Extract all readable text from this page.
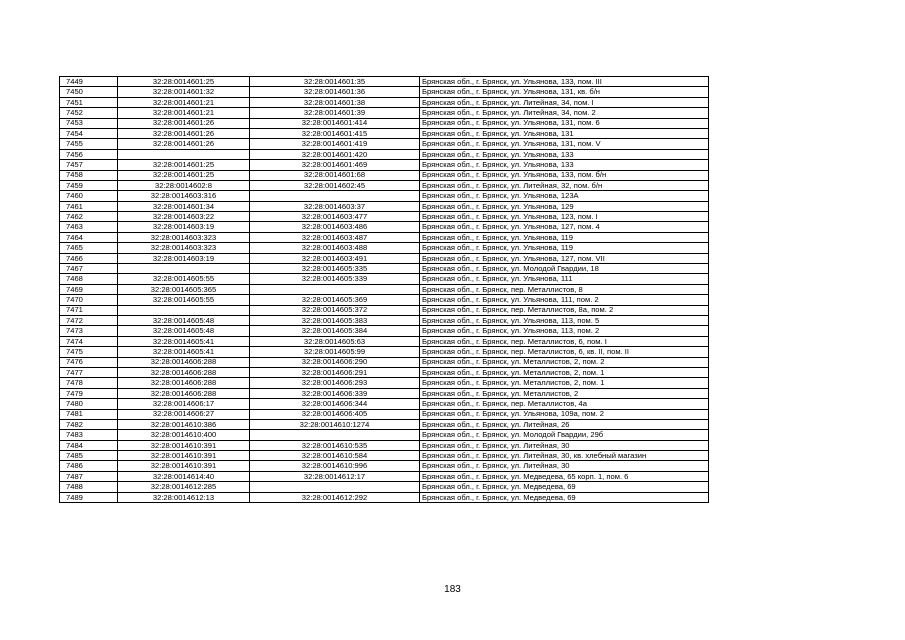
7449	32:28:0014601:25	32:28:0014601:35	Брянская обл., г. Брянск, ул. Ульянова, 133, пом. III
7450	32:28:0014601:32	32:28:0014601:36	Брянская обл., г. Брянск, ул. Ульянова, 131, кв. б/н
7451	32:28:0014601:21	32:28:0014601:38	Брянская обл., г. Брянск, ул. Литейная, 34, пом. I
7452	32:28:0014601:21	32:28:0014601:39	Брянская обл., г. Брянск, ул. Литейная, 34, пом. 2
7453	32:28:0014601:26	32:28:0014601:414	Брянская обл., г. Брянск, ул. Ульянова, 131, пом. 6
7454	32:28:0014601:26	32:28:0014601:415	Брянская обл., г. Брянск, ул. Ульянова, 131
7455	32:28:0014601:26	32:28:0014601:419	Брянская обл., г. Брянск, ул. Ульянова, 131, пом. V
7456		32:28:0014601:420	Брянская обл., г. Брянск, ул. Ульянова, 133
7457	32:28:0014601:25	32:28:0014601:469	Брянская обл., г. Брянск, ул. Ульянова, 133
7458	32:28:0014601:25	32:28:0014601:68	Брянская обл., г. Брянск, ул. Ульянова, 133, пом. б/н
7459	32:28:0014602:8	32:28:0014602:45	Брянская обл., г. Брянск, ул. Литейная, 32, пом. б/н
7460	32:28:0014603:316		Брянская обл., г. Брянск, ул. Ульянова, 123А
7461	32:28:0014601:34	32:28:0014603:37	Брянская обл., г. Брянск, ул. Ульянова, 129
7462	32:28:0014603:22	32:28:0014603:477	Брянская обл., г. Брянск, ул. Ульянова, 123, пом. I
7463	32:28:0014603:19	32:28:0014603:486	Брянская обл., г. Брянск, ул. Ульянова, 127, пом. 4
7464	32:28:0014603:323	32:28:0014603:487	Брянская обл., г. Брянск, ул. Ульянова, 119
7465	32:28:0014603:323	32:28:0014603:488	Брянская обл., г. Брянск, ул. Ульянова, 119
7466	32:28:0014603:19	32:28:0014603:491	Брянская обл., г. Брянск, ул. Ульянова, 127, пом. VII
7467		32:28:0014605:335	Брянская обл., г. Брянск, ул. Молодой Гвардии, 18
7468	32:28:0014605:55	32:28:0014605:339	Брянская обл., г. Брянск, ул. Ульянова, 111
7469	32:28:0014605:365		Брянская обл., г. Брянск, пер. Металлистов, 8
7470	32:28:0014605:55	32:28:0014605:369	Брянская обл., г. Брянск, ул. Ульянова, 111, пом. 2
7471		32:28:0014605:372	Брянская обл., г. Брянск, пер. Металлистов, 8а, пом. 2
7472	32:28:0014605:48	32:28:0014605:383	Брянская обл., г. Брянск, ул. Ульянова, 113, пом. 5
7473	32:28:0014605:48	32:28:0014605:384	Брянская обл., г. Брянск, ул. Ульянова, 113, пом. 2
7474	32:28:0014605:41	32:28:0014605:63	Брянская обл., г. Брянск, пер. Металлистов, 6, пом. I
7475	32:28:0014605:41	32:28:0014605:99	Брянская обл., г. Брянск, пер. Металлистов, 6, кв. II, пом. II
7476	32:28:0014606:288	32:28:0014606:290	Брянская обл., г. Брянск, ул. Металлистов, 2, пом. 2
7477	32:28:0014606:288	32:28:0014606:291	Брянская обл., г. Брянск, ул. Металлистов, 2, пом. 1
7478	32:28:0014606:288	32:28:0014606:293	Брянская обл., г. Брянск, ул. Металлистов, 2, пом. 1
7479	32:28:0014606:288	32:28:0014606:339	Брянская обл., г. Брянск, ул. Металлистов, 2
7480	32:28:0014606:17	32:28:0014606:344	Брянская обл., г. Брянск, пер. Металлистов, 4а
7481	32:28:0014606:27	32:28:0014606:405	Брянская обл., г. Брянск, ул. Ульянова, 109а, пом. 2
7482	32:28:0014610:386	32:28:0014610:1274	Брянская обл., г. Брянск, ул. Литейная, 26
7483	32:28:0014610:400		Брянская обл., г. Брянск, ул. Молодой Гвардии, 29б
7484	32:28:0014610:391	32:28:0014610:535	Брянская обл., г. Брянск, ул. Литейная, 30
7485	32:28:0014610:391	32:28:0014610:584	Брянская обл., г. Брянск, ул. Литейная, 30, кв. хлебный магазин
7486	32:28:0014610:391	32:28:0014610:996	Брянская обл., г. Брянск, ул. Литейная, 30
7487	32:28:0014614:40	32:28:0014612:17	Брянская обл., г. Брянск, ул. Медведева, 65 корп. 1, пом. 6
7488	32:28:0014612:285		Брянская обл., г. Брянск, ул. Медведева, 69
7489	32:28:0014612:13	32:28:0014612:292	Брянская обл., г. Брянск, ул. Медведева, 69
183
